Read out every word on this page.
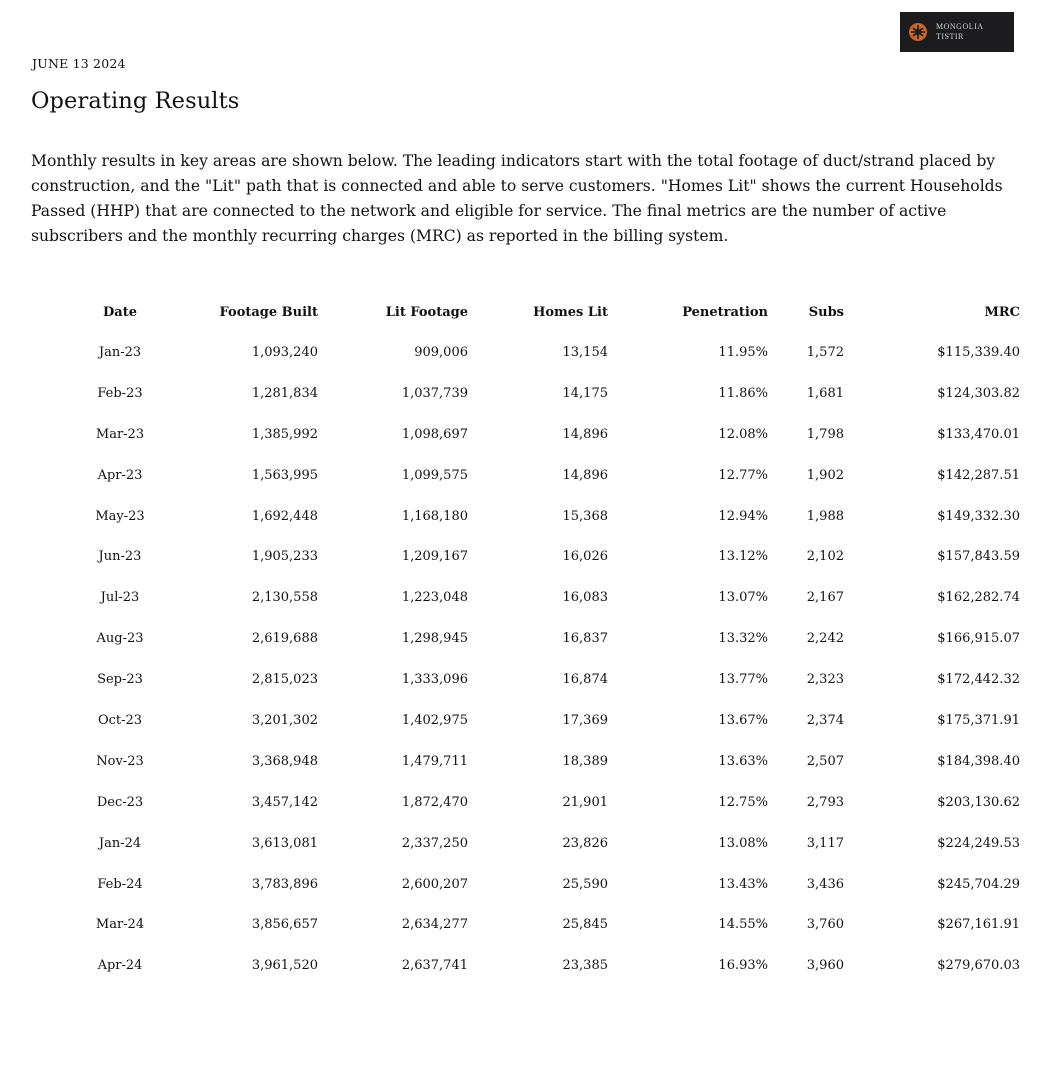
MONGOLIA
TISTIR
JUNE 13 2024
Operating Results

Monthly results in key areas are shown below. The leading indicators start with the total footage of duct/strand placed by construction, and the "Lit" path that is connected and able to serve customers. "Homes Lit" shows the current Households Passed (HHP) that are connected to the network and eligible for service. The final metrics are the number of active subscribers and the monthly recurring charges (MRC) as reported in the billing system.

Date	Footage Built	Lit Footage	Homes Lit	Penetration	Subs	MRC
Jan-23	1,093,240	909,006	13,154	11.95%	1,572	$115,339.40
Feb-23	1,281,834	1,037,739	14,175	11.86%	1,681	$124,303.82
Mar-23	1,385,992	1,098,697	14,896	12.08%	1,798	$133,470.01
Apr-23	1,563,995	1,099,575	14,896	12.77%	1,902	$142,287.51
May-23	1,692,448	1,168,180	15,368	12.94%	1,988	$149,332.30
Jun-23	1,905,233	1,209,167	16,026	13.12%	2,102	$157,843.59
Jul-23	2,130,558	1,223,048	16,083	13.07%	2,167	$162,282.74
Aug-23	2,619,688	1,298,945	16,837	13.32%	2,242	$166,915.07
Sep-23	2,815,023	1,333,096	16,874	13.77%	2,323	$172,442.32
Oct-23	3,201,302	1,402,975	17,369	13.67%	2,374	$175,371.91
Nov-23	3,368,948	1,479,711	18,389	13.63%	2,507	$184,398.40
Dec-23	3,457,142	1,872,470	21,901	12.75%	2,793	$203,130.62
Jan-24	3,613,081	2,337,250	23,826	13.08%	3,117	$224,249.53
Feb-24	3,783,896	2,600,207	25,590	13.43%	3,436	$245,704.29
Mar-24	3,856,657	2,634,277	25,845	14.55%	3,760	$267,161.91
Apr-24	3,961,520	2,637,741	23,385	16.93%	3,960	$279,670.03
